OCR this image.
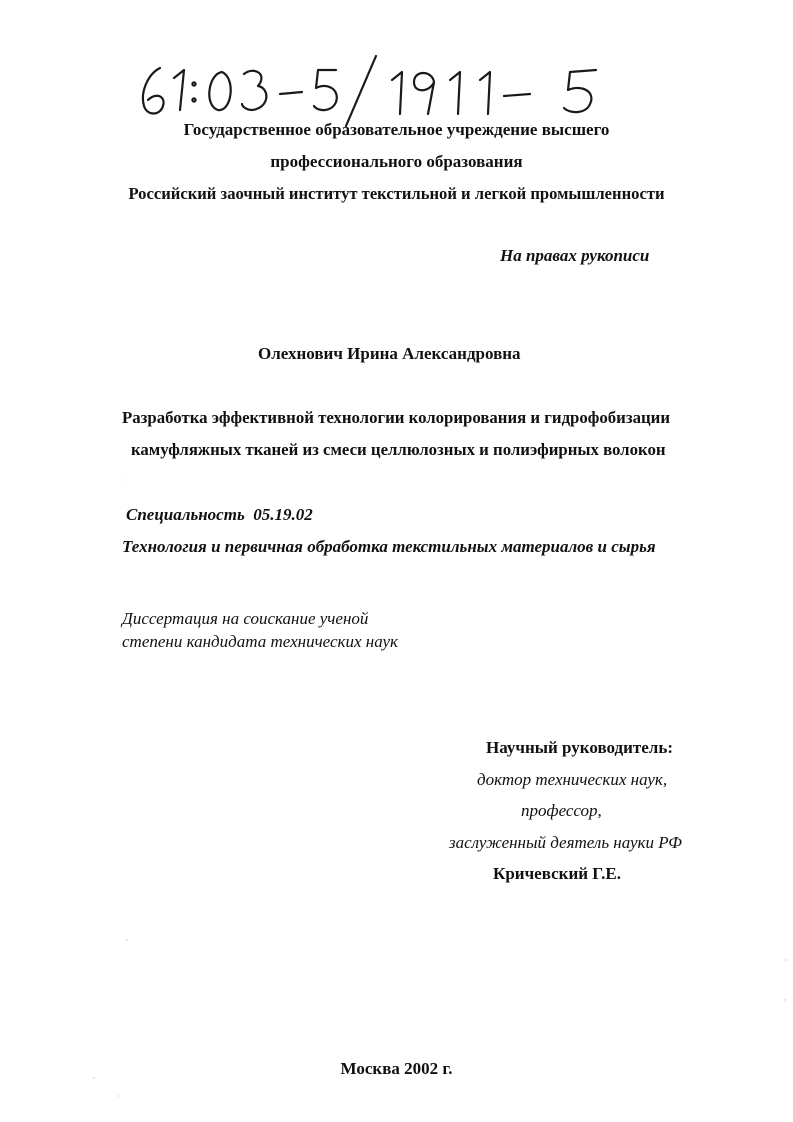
Государственное образовательное учреждение высшего
профессионального образования
Российский заочный институт текстильной и легкой промышленности
На правах рукописи
Олехнович Ирина Александровна
Разработка эффективной технологии колорирования и гидрофобизации
камуфляжных тканей из смеси целлюлозных и полиэфирных волокон
Специальность 05.19.02
Технология и первичная обработка текстильных материалов и сырья
Диссертация на соискание ученой
степени кандидата технических наук
Научный руководитель:
доктор технических наук,
профессор,
заслуженный деятель науки РФ
Кричевский Г.Е.
Москва 2002 г.
